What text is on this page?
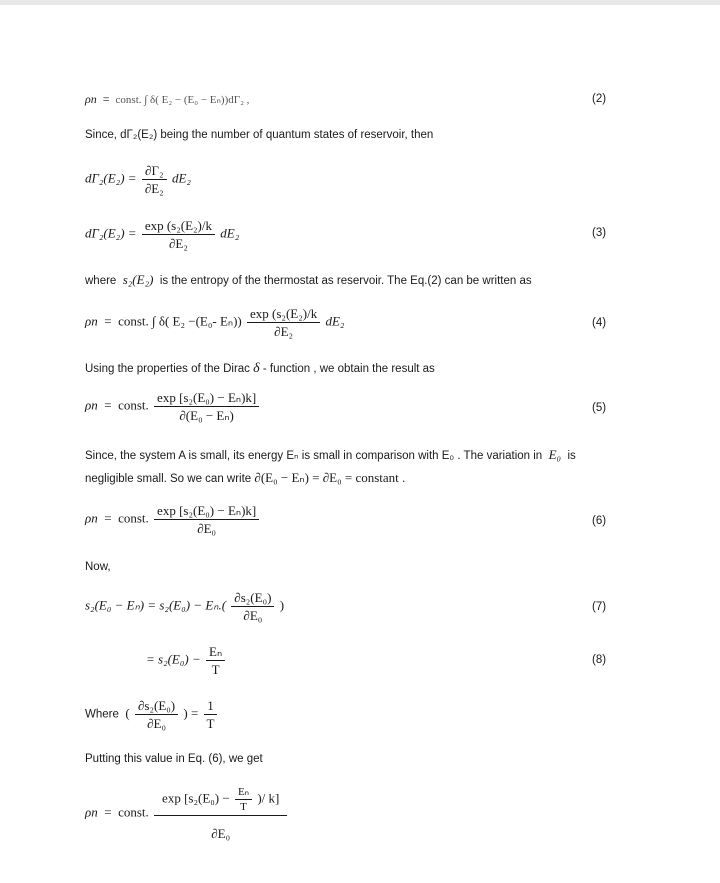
ρn = const. ∫ δ( E₂ − (E₀ − Eₙ))dΓ₂ ,	(2)
Since, dΓ₂(E₂) being the number of quantum states of reservoir, then
$d\Gamma_2(E_2) = \frac{\text{∂Γ₂}}{\text{∂E₂}} dE_2$
$d\Gamma_2(E_2) = \frac{\text{exp (s₂(E₂)/k}}{\text{∂E₂}} dE_2$	(3)
where s₂(E₂) is the entropy of the thermostat as reservoir. The Eq.(2) can be written as
ρn = const. ∫ δ( E₂ −(E₀- $E_n)) \frac{\text{exp (s₂(E₂)/k}}{\text{∂E₂}} dE_2$	(4)
Using the properties of the Dirac δ - function , we obtain the result as
ρn = const. $\frac{\text{exp [s₂(E₀) − Eₙ)k]}}{\text{∂(E₀ − Eₙ)}}$	(5)
Since, the system A is small, its energy Eₙ is small in comparison with E₀ . The variation in E₀ is
negligible small. So we can write ∂(E₀ − Eₙ) = ∂E₀ = constant .
ρn = const. $\frac{\text{exp [s₂(E₀) − Eₙ)k]}}{\text{∂E₀}}$	(6)
Now,
$s_2(E_0 - E_n) = s_2(E_0) - E_n.( \frac{\text{∂s₂(E₀)}}{\text{∂E₀}}$ )	(7)
= $s_2(E_0) - \frac{\text{Eₙ}}{T}$	(8)
Where ( $\frac{\text{∂s₂(E₀)}}{\text{∂E₀}}$ ) = $\frac{1}{T}$
Putting this value in Eq. (6), we get
ρn = const. $\frac{\exp [s_2(E_0) - \frac{\text{Eₙ}}{T} )/ k]}{\text{∂E₀}}$
